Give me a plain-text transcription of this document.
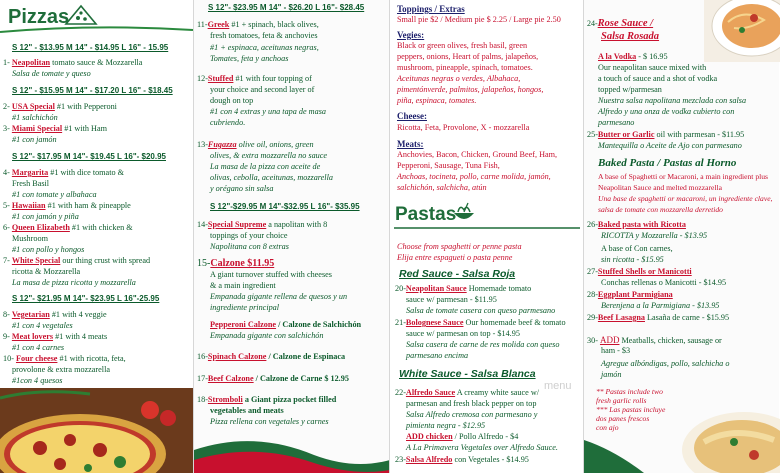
Pizzas
S 12" - $13.95 M 14" - $14.95 L 16" - 15.95
1- Neapolitan tomato sauce & Mozzarella
Salsa de tomate y queso
S 12" - $15.95 M 14" - $17.20 L 16" - $18.45
2- USA Special #1 with Pepperoni
#1 salchichón
3- Miami Special #1 with Ham
#1 con jamón
S 12"- $17.95 M 14"- $19.45 L 16"- $20.95
4- Margarita #1 with dice tomato &
Fresh Basil
#1 con tomate y albahaca
5- Hawaiian #1 with ham & pineapple
#1 con jamón y piña
6- Queen Elizabeth #1 with chicken &
Mushroom
#1 con pollo y hongos
7- White Special our thing crust with spread
ricotta & Mozzarella
La masa de pizza ricotta y mozzarella
S 12"- $21.95 M 14"- $23.95 L 16"-25.95
8- Vegetarian #1 with 4 veggie
#1 con 4 vegetales
9- Meat lovers #1 with 4 meats
#1 con 4 carnes
10- Four cheese #1 with ricotta, feta,
provolone & extra mozzarella
#1con 4 quesos
S 12"- $23.95 M 14" - $26.20 L 16"- $28.45
11-Greek #1 + spinach, black olives,
fresh tomatoes, feta & anchovies
#1 + espinaca, aceitunas negras,
Tomates, feta y anchoas
12-Stuffed #1 with four topping of
your choice and second layer of
dough on top
#1 con 4 extras y una tapa de masa
cubriendo.
13-Fugazza olive oil, onions, green
olives, & extra mozzarella no sauce
La masa de la pizza con aceite de
olivas, cebolla, aceitunas, mozzarella
y orégano sin salsa
S 12"-$29.95 M 14"-$32.95 L 16"- $35.95
14-Special Supreme a napolitan with 8
toppings of your choice
Napolitana con 8 extras
15-Calzone $11.95
A giant turnover stuffed with cheeses
& a main ingredient
Empanada gigante rellena de quesos y un
ingrediente principal
Pepperoni Calzone / Calzone de Salchichón
Empanada gigante con salchichón
16-Spinach Calzone / Calzone de Espinaca
17-Beef Calzone / Calzone de Carne $ 12.95
18-Stromboli a Giant pizza pocket filled
vegetables and meats
Pizza rellena con vegetales y carnes
Toppings / Extras
Small pie $2 / Medium pie $ 2.25 / Large pie 2.50
Vegies:
Black or green olives, fresh basil, green
peppers, onions, Heart of palms, jalapeños,
mushroom, pineapple, spinach, tomatoes.
Aceitunas negras o verdes, Albahaca,
pimentónverde, palmitos, jalapeños, hongos,
piña, espinaca, tomates.
Cheese:
Ricotta, Feta, Provolone, X - mozzarella
Meats:
Anchovies, Bacon, Chicken, Ground Beef, Ham,
Pepperoni, Sausage, Tuna Fish,
Anchoas, tocineta, pollo, carne molida, jamón,
salchichón, salchicha, atún
Pastas
Choose from spaghetti or penne pasta
Elija entre espagueti o pasta penne
Red Sauce - Salsa Roja
20-Neapolitan Sauce Homemade tomato
sauce w/ parmesan - $11.95
Salsa de tomate casera con queso parmesano
21-Bolognese Sauce Our homemade beef & tomato
sauce w/ parmesan on top - $14.95
Salsa casera de carne de res molida con queso
parmesano encima
White Sauce - Salsa Blanca
22-Alfredo Sauce A creamy white sauce w/
parmesan and fresh black pepper on top
Salsa Alfredo cremosa con parmesano y
pimienta negra - $12.95
ADD chicken / Pollo Alfredo - $4
A La Primavera Vegetales over Alfredo Sauce.
23-Salsa Alfredo con Vegetales - $14.95
24-Rose Sauce /
Salsa Rosada
A la Vodka - $ 16.95
Our neapolitan sauce mixed with
a touch of sauce and a shot of vodka
topped w/parmesan
Nuestra salsa napolitana mezclada con salsa
Alfredo y una onza de vodka cubierto con
parmesano
25-Butter or Garlic oil with parmesan - $11.95
Mantequilla o Aceite de Ajo con parmesano
Baked Pasta / Pastas al Horno
A base of Spaghetti or Macaroni, a main ingredient plus
Neapolitan Sauce and melted mozzarella
Una base de spaghetti or macaroni, un ingrediente clave,
salsa de tomate con mozzarella derretido
26-Baked pasta with Ricotta
RICOTTA y Mozzarella - $13.95
A base of Con carnes,
sin ricotta - $15.95
27-Stuffed Shells or Manicotti
Conchas rellenas o Manicotti - $14.95
28-Eggplant Parmigiana
Berenjena a la Parmigiana - $13.95
29-Beef Lasagna Lasaña de carne - $15.95
30- ADD Meatballs, chicken, sausage or
ham - $3
Agregue albóndigas, pollo, salchicha o
jamón
menu	** Pastas include two
fresh garlic rolls
*** Las pastas incluye
dos panes frescos
con ajo
